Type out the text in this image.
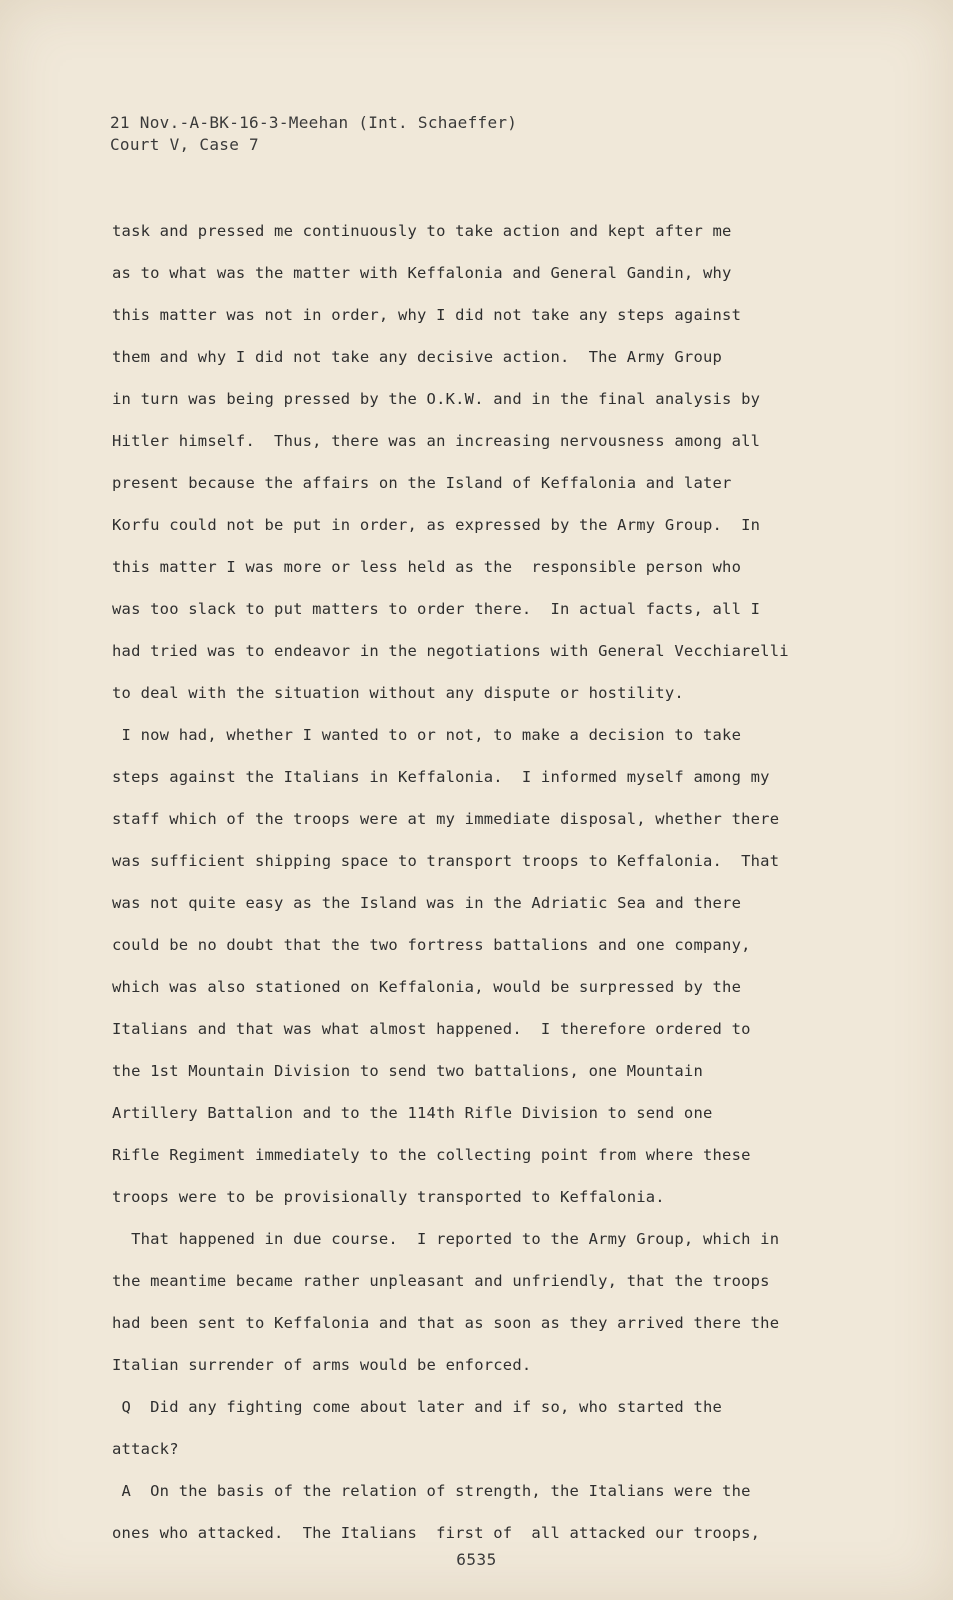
21 Nov.-A-BK-16-3-Meehan (Int. Schaeffer)
Court V, Case 7
task and pressed me continuously to take action and kept after me
as to what was the matter with Keffalonia and General Gandin, why
this matter was not in order, why I did not take any steps against
them and why I did not take any decisive action.  The Army Group
in turn was being pressed by the O.K.W. and in the final analysis by
Hitler himself.  Thus, there was an increasing nervousness among all
present because the affairs on the Island of Keffalonia and later
Korfu could not be put in order, as expressed by the Army Group.  In
this matter I was more or less held as the  responsible person who
was too slack to put matters to order there.  In actual facts, all I
had tried was to endeavor in the negotiations with General Vecchiarelli
to deal with the situation without any dispute or hostility.
I now had, whether I wanted to or not, to make a decision to take
steps against the Italians in Keffalonia.  I informed myself among my
staff which of the troops were at my immediate disposal, whether there
was sufficient shipping space to transport troops to Keffalonia.  That
was not quite easy as the Island was in the Adriatic Sea and there
could be no doubt that the two fortress battalions and one company,
which was also stationed on Keffalonia, would be surpressed by the
Italians and that was what almost happened.  I therefore ordered to
the 1st Mountain Division to send two battalions, one Mountain
Artillery Battalion and to the 114th Rifle Division to send one
Rifle Regiment immediately to the collecting point from where these
troops were to be provisionally transported to Keffalonia.
That happened in due course.  I reported to the Army Group, which in
the meantime became rather unpleasant and unfriendly, that the troops
had been sent to Keffalonia and that as soon as they arrived there the
Italian surrender of arms would be enforced.
Q  Did any fighting come about later and if so, who started the
attack?
A  On the basis of the relation of strength, the Italians were the
ones who attacked.  The Italians  first of  all attacked our troops,
6535
